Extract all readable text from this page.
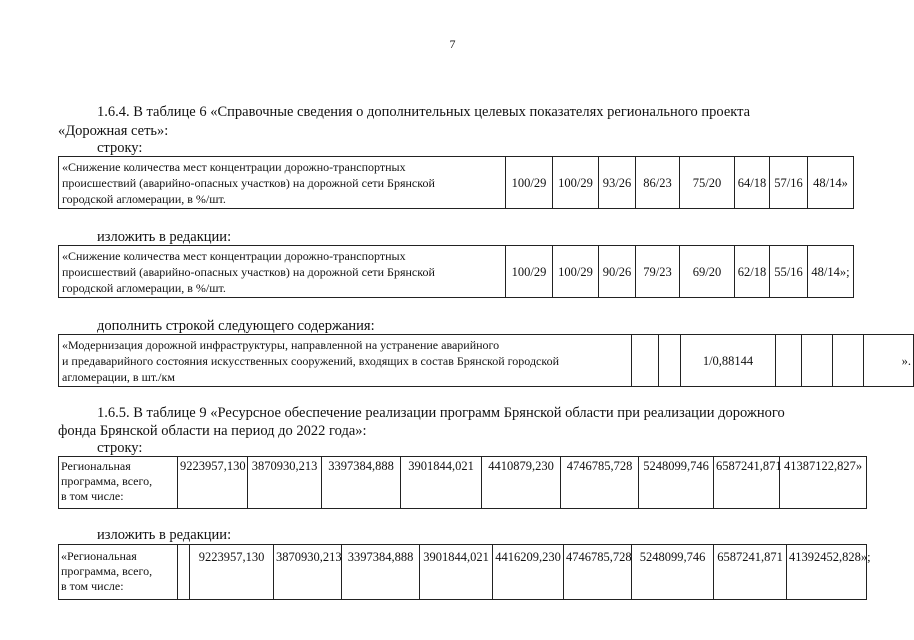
7
1.6.4. В таблице 6 «Справочные сведения о дополнительных целевых показателях регионального проекта
«Дорожная сеть»:
строку:
«Снижение количества мест концентрации дорожно-транспортных
происшествий (аварийно-опасных участков) на дорожной сети Брянской
городской агломерации, в %/шт.
	100/29	100/29	93/26	86/23	75/20	64/18	57/16	48/14»
изложить в редакции:
«Снижение количества мест концентрации дорожно-транспортных
происшествий (аварийно-опасных участков) на дорожной сети Брянской
городской агломерации, в %/шт.
	100/29	100/29	90/26	79/23	69/20	62/18	55/16	48/14»;
дополнить строкой следующего содержания:
«Модернизация дорожной инфраструктуры, направленной на устранение аварийного
и предаварийного состояния искусственных сооружений, входящих в состав Брянской городской
агломерации, в шт./км
			1/0,88144				».
1.6.5. В таблице 9 «Ресурсное обеспечение реализации программ Брянской области при реализации дорожного
фонда Брянской области на период до 2022 года»:
строку:
Региональная
программа, всего,
в том числе:
	9223957,130	3870930,213	3397384,888	3901844,021	4410879,230	4746785,728	5248099,746	6587241,871	41387122,827»
изложить в редакции:
«Региональная
программа, всего,
в том числе:
		9223957,130	3870930,213	3397384,888	3901844,021	4416209,230	4746785,728	5248099,746	6587241,871	41392452,828»;
